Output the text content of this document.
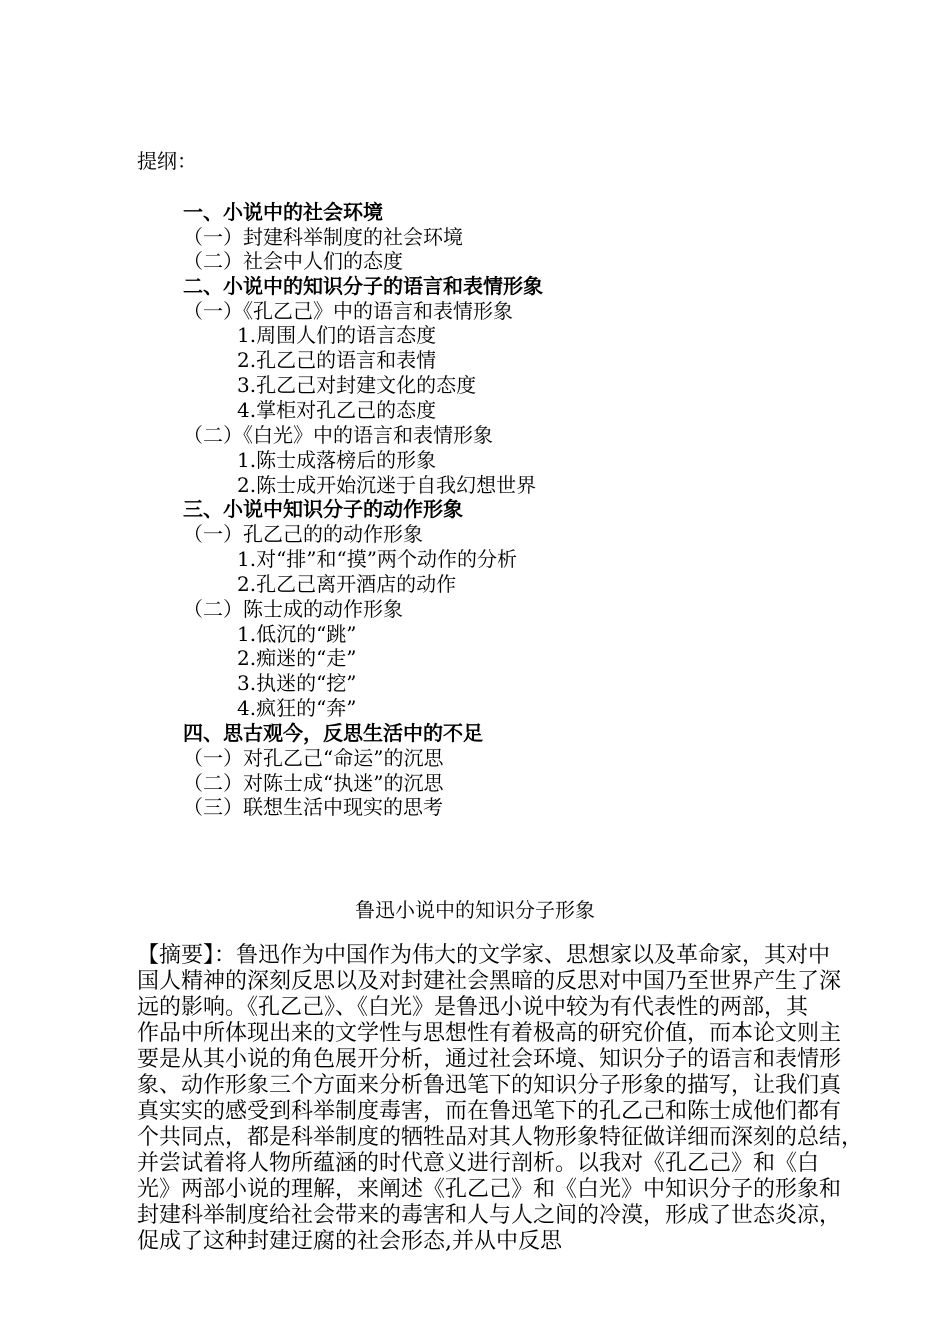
提纲：
一、小说中的社会环境
（一）封建科举制度的社会环境
（二）社会中人们的态度
二、小说中的知识分子的语言和表情形象
（一）《孔乙己》中的语言和表情形象
1.周围人们的语言态度
2.孔乙己的语言和表情
3.孔乙己对封建文化的态度
4.掌柜对孔乙己的态度
（二）《白光》中的语言和表情形象
1.陈士成落榜后的形象
2.陈士成开始沉迷于自我幻想世界
三、小说中知识分子的动作形象
（一）孔乙己的的动作形象
1.对“排”和“摸”两个动作的分析
2.孔乙己离开酒店的动作
（二）陈士成的动作形象
1.低沉的“跳”
2.痴迷的“走”
3.执迷的“挖”
4.疯狂的“奔”
四、思古观今，反思生活中的不足
（一）对孔乙己“命运”的沉思
（二）对陈士成“执迷”的沉思
（三）联想生活中现实的思考
鲁迅小说中的知识分子形象
【摘要】：鲁迅作为中国作为伟大的文学家、思想家以及革命家，其对中
国人精神的深刻反思以及对封建社会黑暗的反思对中国乃至世界产生了深
远的影响。《孔乙己》、《白光》是鲁迅小说中较为有代表性的两部，其
作品中所体现出来的文学性与思想性有着极高的研究价值，而本论文则主
要是从其小说的角色展开分析，通过社会环境、知识分子的语言和表情形
象、动作形象三个方面来分析鲁迅笔下的知识分子形象的描写，让我们真
真实实的感受到科举制度毒害，而在鲁迅笔下的孔乙己和陈士成他们都有
个共同点，都是科举制度的牺牲品对其人物形象特征做详细而深刻的总结，
并尝试着将人物所蕴涵的时代意义进行剖析。以我对《孔乙己》和《白
光》两部小说的理解，来阐述《孔乙己》和《白光》中知识分子的形象和
封建科举制度给社会带来的毒害和人与人之间的冷漠，形成了世态炎凉，
促成了这种封建迂腐的社会形态,并从中反思
